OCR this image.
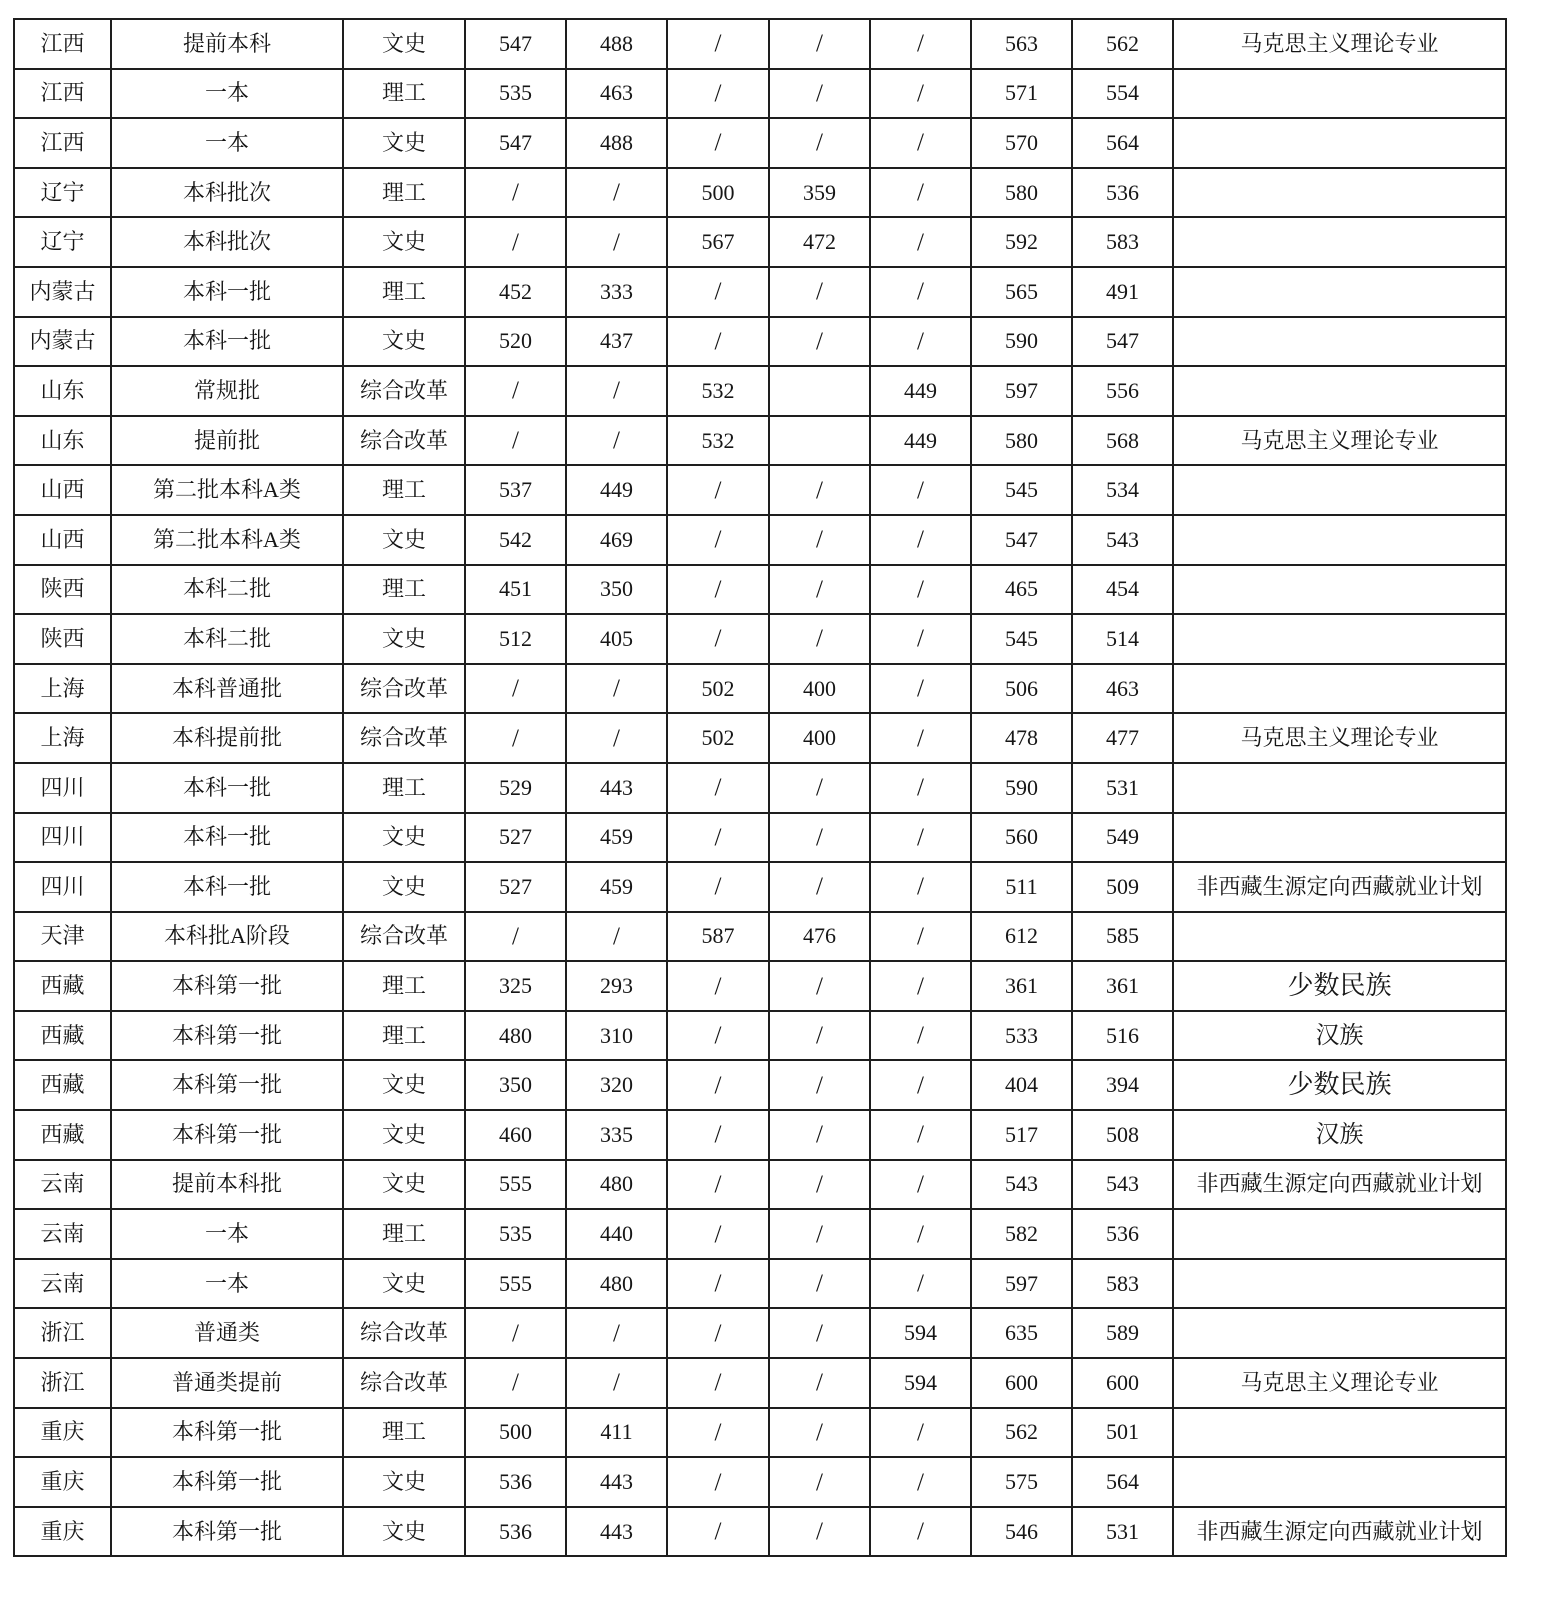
江西	提前本科	文史	547	488	/	/	/	563	562	马克思主义理论专业
江西	一本	理工	535	463	/	/	/	571	554	
江西	一本	文史	547	488	/	/	/	570	564	
辽宁	本科批次	理工	/	/	500	359	/	580	536	
辽宁	本科批次	文史	/	/	567	472	/	592	583	
内蒙古	本科一批	理工	452	333	/	/	/	565	491	
内蒙古	本科一批	文史	520	437	/	/	/	590	547	
山东	常规批	综合改革	/	/	532		449	597	556	
山东	提前批	综合改革	/	/	532		449	580	568	马克思主义理论专业
山西	第二批本科A类	理工	537	449	/	/	/	545	534	
山西	第二批本科A类	文史	542	469	/	/	/	547	543	
陕西	本科二批	理工	451	350	/	/	/	465	454	
陕西	本科二批	文史	512	405	/	/	/	545	514	
上海	本科普通批	综合改革	/	/	502	400	/	506	463	
上海	本科提前批	综合改革	/	/	502	400	/	478	477	马克思主义理论专业
四川	本科一批	理工	529	443	/	/	/	590	531	
四川	本科一批	文史	527	459	/	/	/	560	549	
四川	本科一批	文史	527	459	/	/	/	511	509	非西藏生源定向西藏就业计划
天津	本科批A阶段	综合改革	/	/	587	476	/	612	585	
西藏	本科第一批	理工	325	293	/	/	/	361	361	少数民族
西藏	本科第一批	理工	480	310	/	/	/	533	516	汉族
西藏	本科第一批	文史	350	320	/	/	/	404	394	少数民族
西藏	本科第一批	文史	460	335	/	/	/	517	508	汉族
云南	提前本科批	文史	555	480	/	/	/	543	543	非西藏生源定向西藏就业计划
云南	一本	理工	535	440	/	/	/	582	536	
云南	一本	文史	555	480	/	/	/	597	583	
浙江	普通类	综合改革	/	/	/	/	594	635	589	
浙江	普通类提前	综合改革	/	/	/	/	594	600	600	马克思主义理论专业
重庆	本科第一批	理工	500	411	/	/	/	562	501	
重庆	本科第一批	文史	536	443	/	/	/	575	564	
重庆	本科第一批	文史	536	443	/	/	/	546	531	非西藏生源定向西藏就业计划
